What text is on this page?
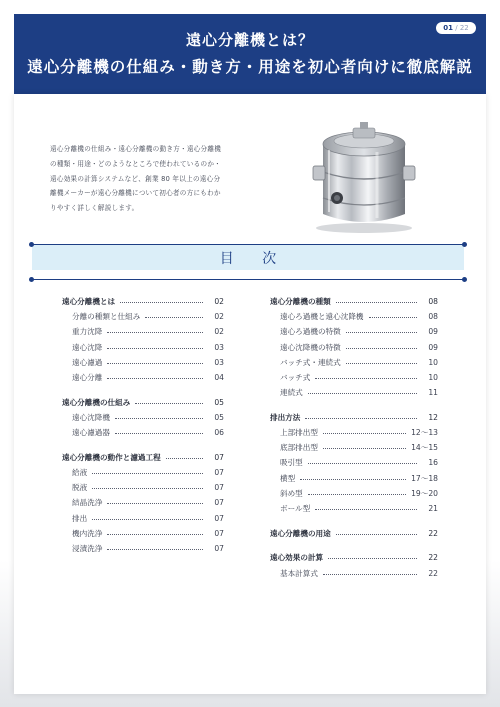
遠心分離機とは？
遠心分離機の仕組み・動き方・用途を初心者向けに徹底解説
01 / 22
遠心分離機の仕組み・遠心分離機の動き方・遠心分離機
の種類・用途・どのようなところで使われているのか・
遠心効果の計算システムなど、創業 80 年以上の遠心分
離機メーカーが遠心分離機について初心者の方にもわか
りやすく詳しく解説します。
目 次
遠心分離機とは	02
分離の種類と仕組み	02
重力沈降	02
遠心沈降	03
遠心濾過	03
遠心分離	04
遠心分離機の仕組み	05
遠心沈降機	05
遠心濾過器	06
遠心分離機の動作と濾過工程	07
給液	07
脱液	07
結晶洗浄	07
排出	07
機内洗浄	07
浸漬洗浄	07
遠心分離機の種類	08
遠心ろ過機と遠心沈降機	08
遠心ろ過機の特徴	09
遠心沈降機の特徴	09
バッチ式・連続式	10
バッチ式	10
連続式	11
排出方法	12
上部排出型	12〜13
底部排出型	14〜15
吸引型	16
横型	17〜18
斜め型	19〜20
ボール型	21
遠心分離機の用途	22
遠心効果の計算	22
基本計算式	22
